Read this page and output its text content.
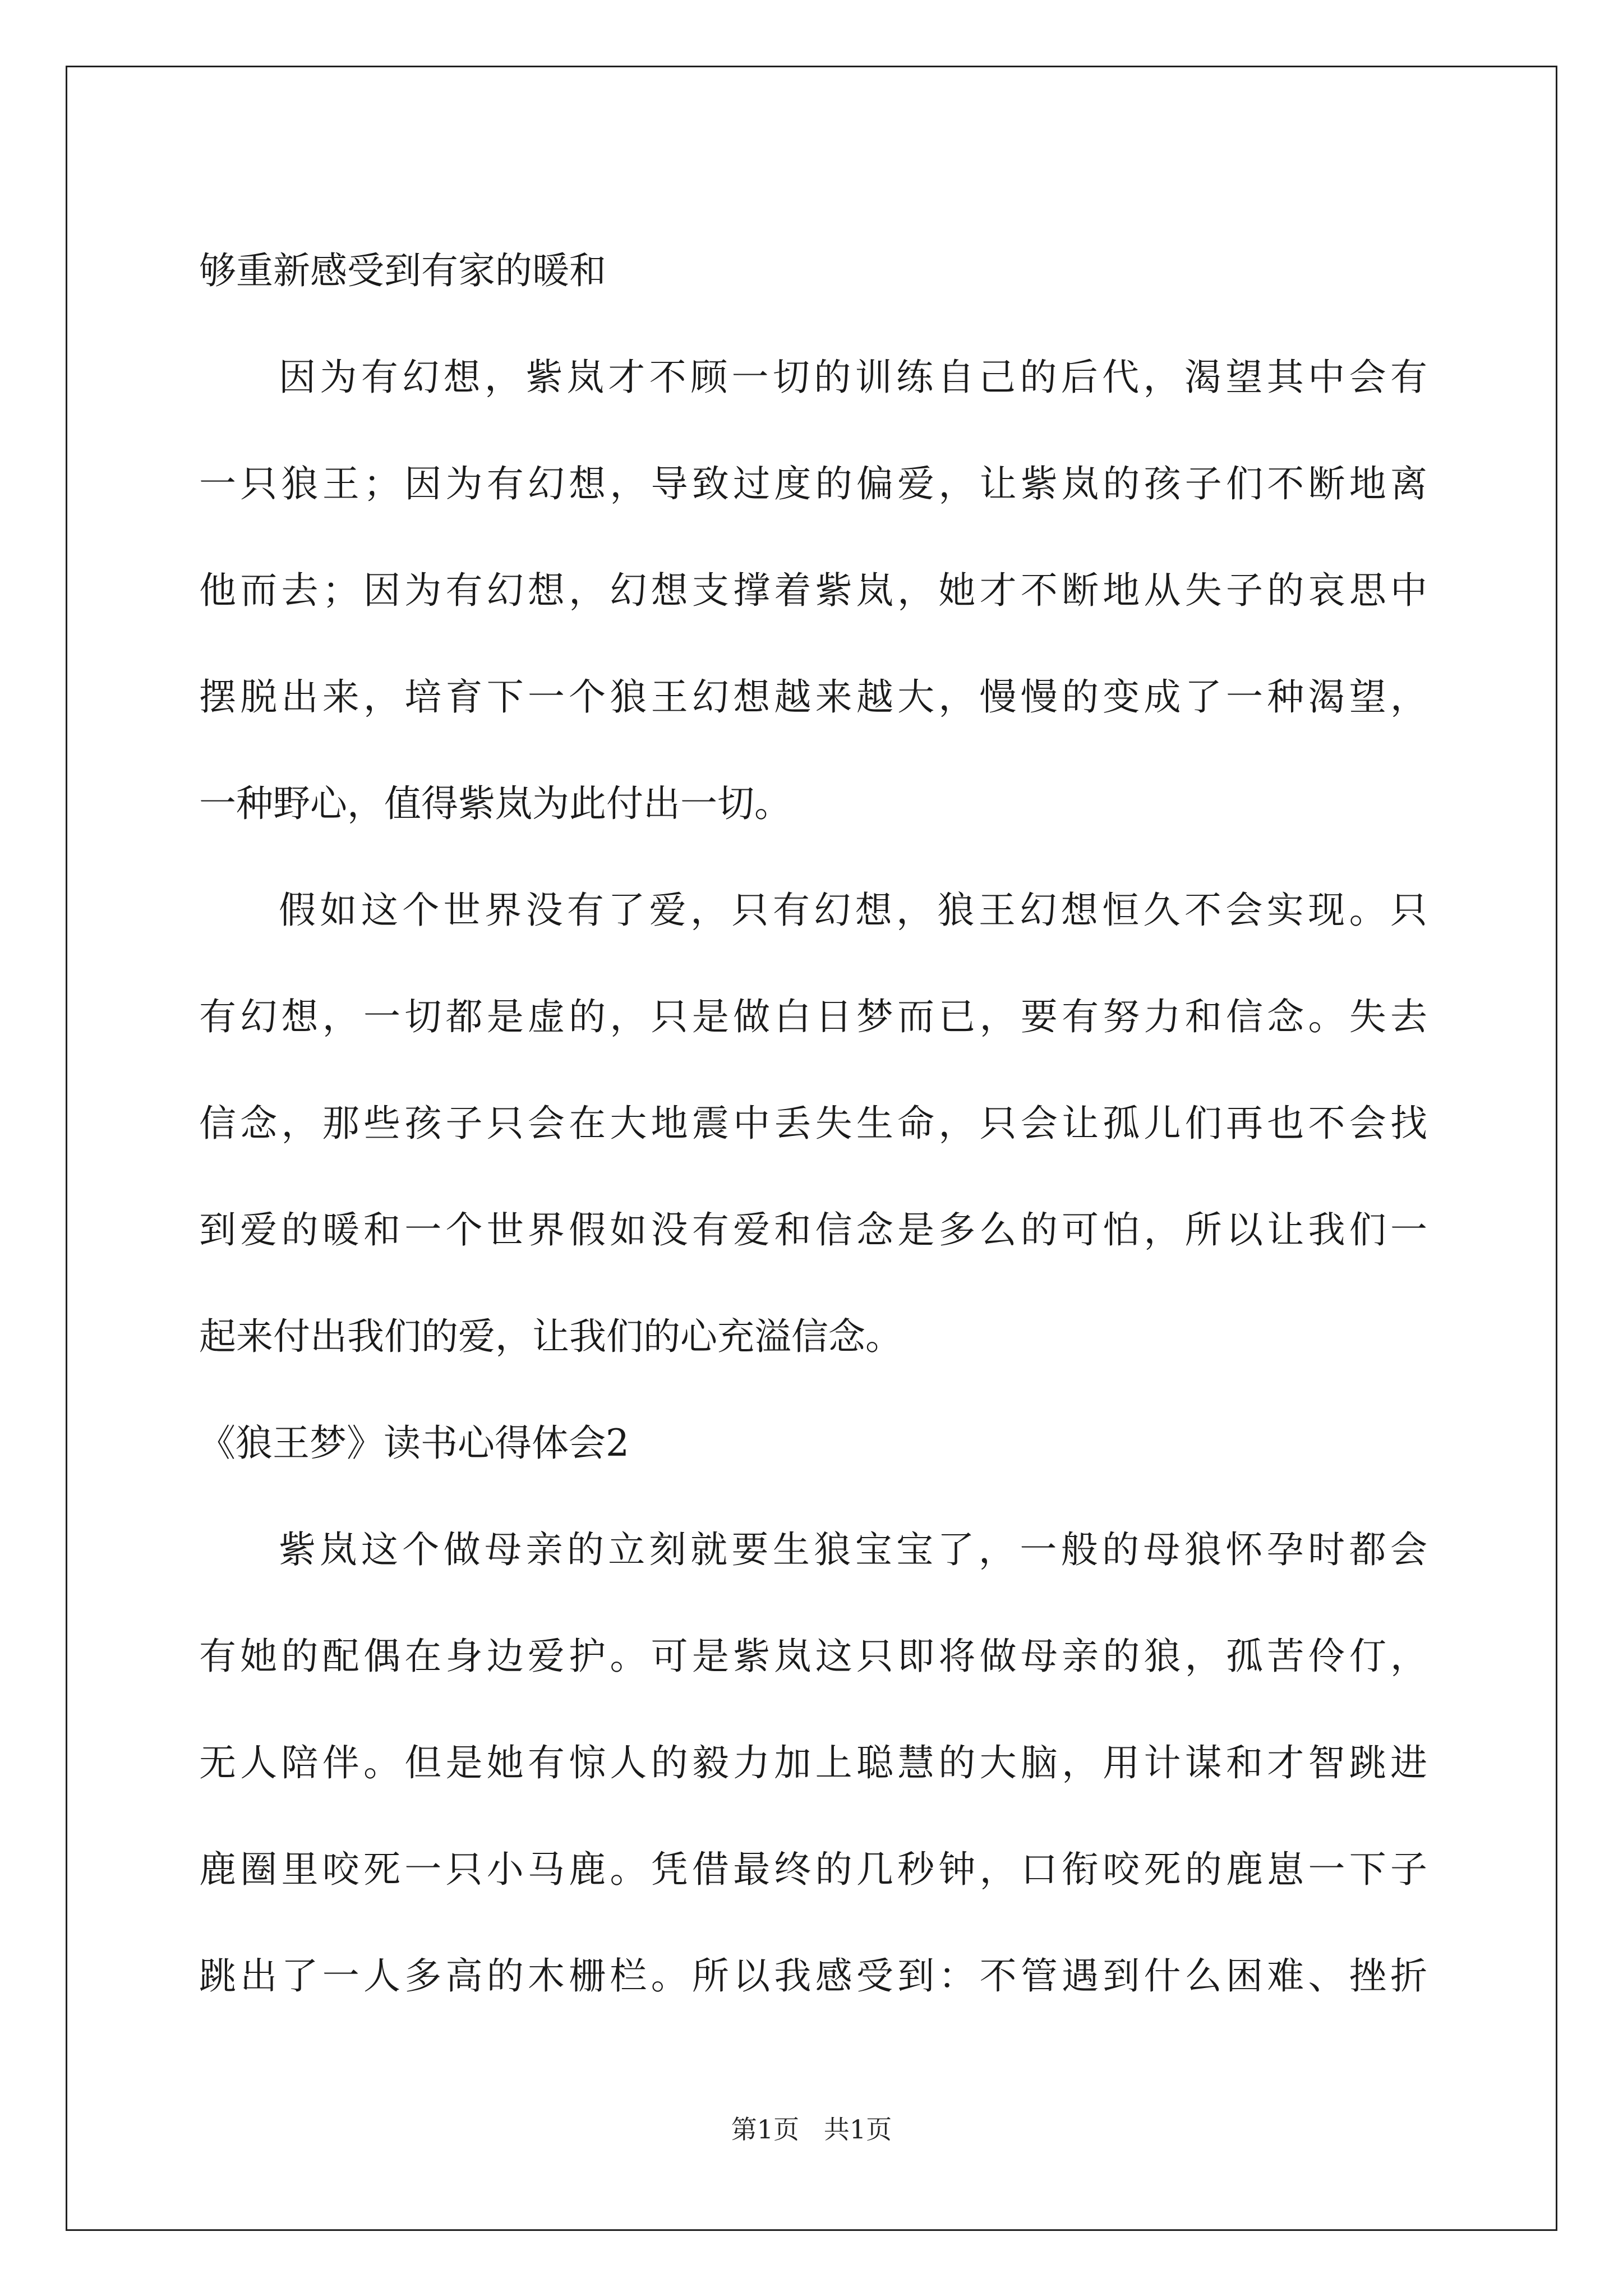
够重新感受到有家的暖和
因为有幻想，紫岚才不顾一切的训练自己的后代，渴望其中会有
一只狼王；因为有幻想，导致过度的偏爱，让紫岚的孩子们不断地离
他而去；因为有幻想，幻想支撑着紫岚，她才不断地从失子的哀思中
摆脱出来，培育下一个狼王幻想越来越大，慢慢的变成了一种渴望，
一种野心，值得紫岚为此付出一切。
假如这个世界没有了爱，只有幻想，狼王幻想恒久不会实现。只
有幻想，一切都是虚的，只是做白日梦而已，要有努力和信念。失去
信念，那些孩子只会在大地震中丢失生命，只会让孤儿们再也不会找
到爱的暖和一个世界假如没有爱和信念是多么的可怕，所以让我们一
起来付出我们的爱，让我们的心充溢信念。
《狼王梦》读书心得体会2
紫岚这个做母亲的立刻就要生狼宝宝了，一般的母狼怀孕时都会
有她的配偶在身边爱护。可是紫岚这只即将做母亲的狼，孤苦伶仃，
无人陪伴。但是她有惊人的毅力加上聪慧的大脑，用计谋和才智跳进
鹿圈里咬死一只小马鹿。凭借最终的几秒钟，口衔咬死的鹿崽一下子
跳出了一人多高的木栅栏。所以我感受到：不管遇到什么困难、挫折
第1页   共1页
